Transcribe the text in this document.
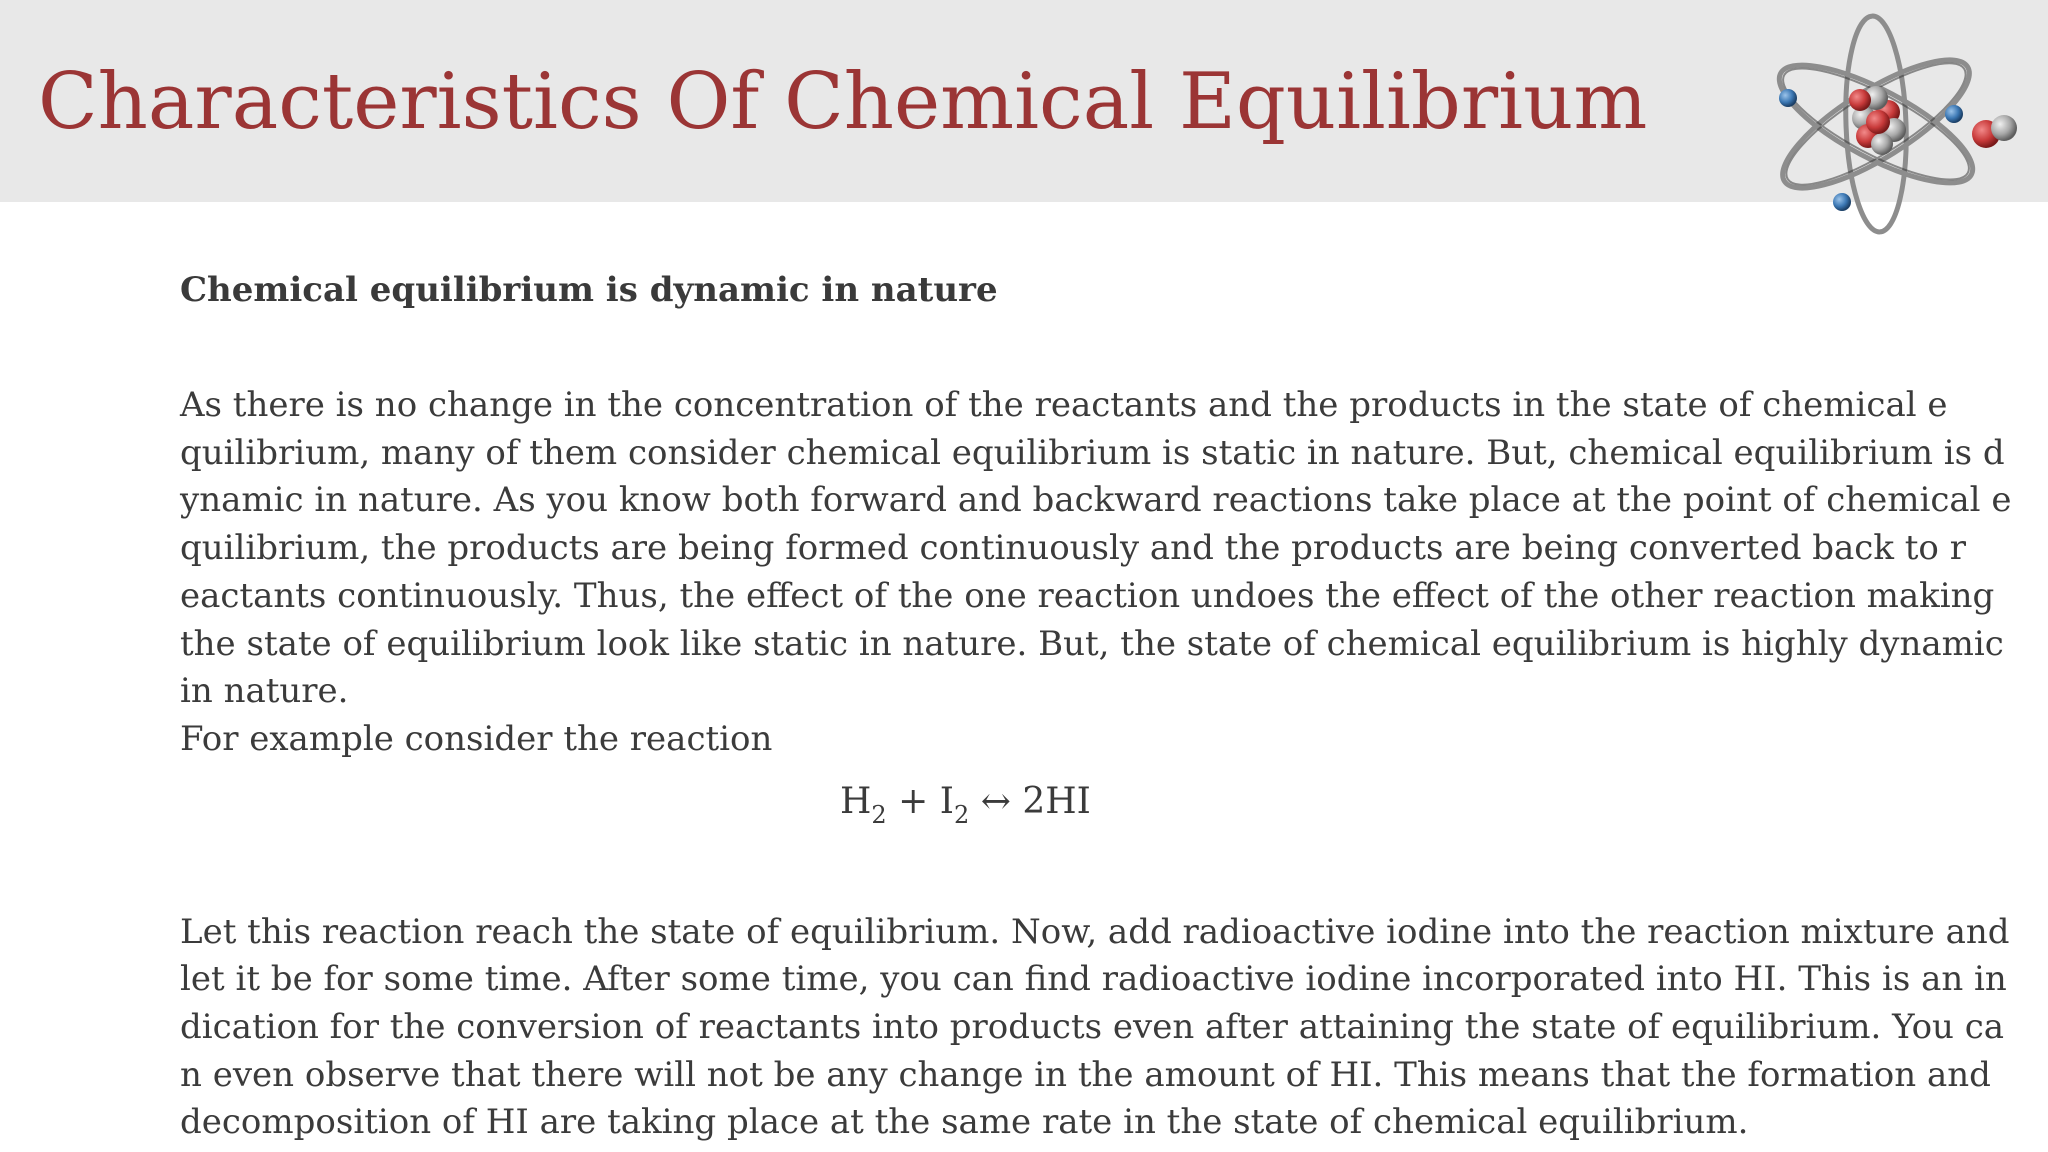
Characteristics Of Chemical Equilibrium
Chemical equilibrium is dynamic in nature
As there is no change in the concentration of the reactants and the products in the state of chemical e
quilibrium, many of them consider chemical equilibrium is static in nature. But, chemical equilibrium is d
ynamic in nature. As you know both forward and backward reactions take place at the point of chemical e
quilibrium, the products are being formed continuously and the products are being converted back to r
eactants continuously. Thus, the effect of the one reaction undoes the effect of the other reaction making
the state of equilibrium look like static in nature. But, the state of chemical equilibrium is highly dynamic
in nature.
For example consider the reaction
$H_2 + I_2$ ↔ 2HI
Let this reaction reach the state of equilibrium. Now, add radioactive iodine into the reaction mixture and
let it be for some time. After some time, you can find radioactive iodine incorporated into HI. This is an in
dication for the conversion of reactants into products even after attaining the state of equilibrium. You ca
n even observe that there will not be any change in the amount of HI. This means that the formation and
decomposition of HI are taking place at the same rate in the state of chemical equilibrium.
